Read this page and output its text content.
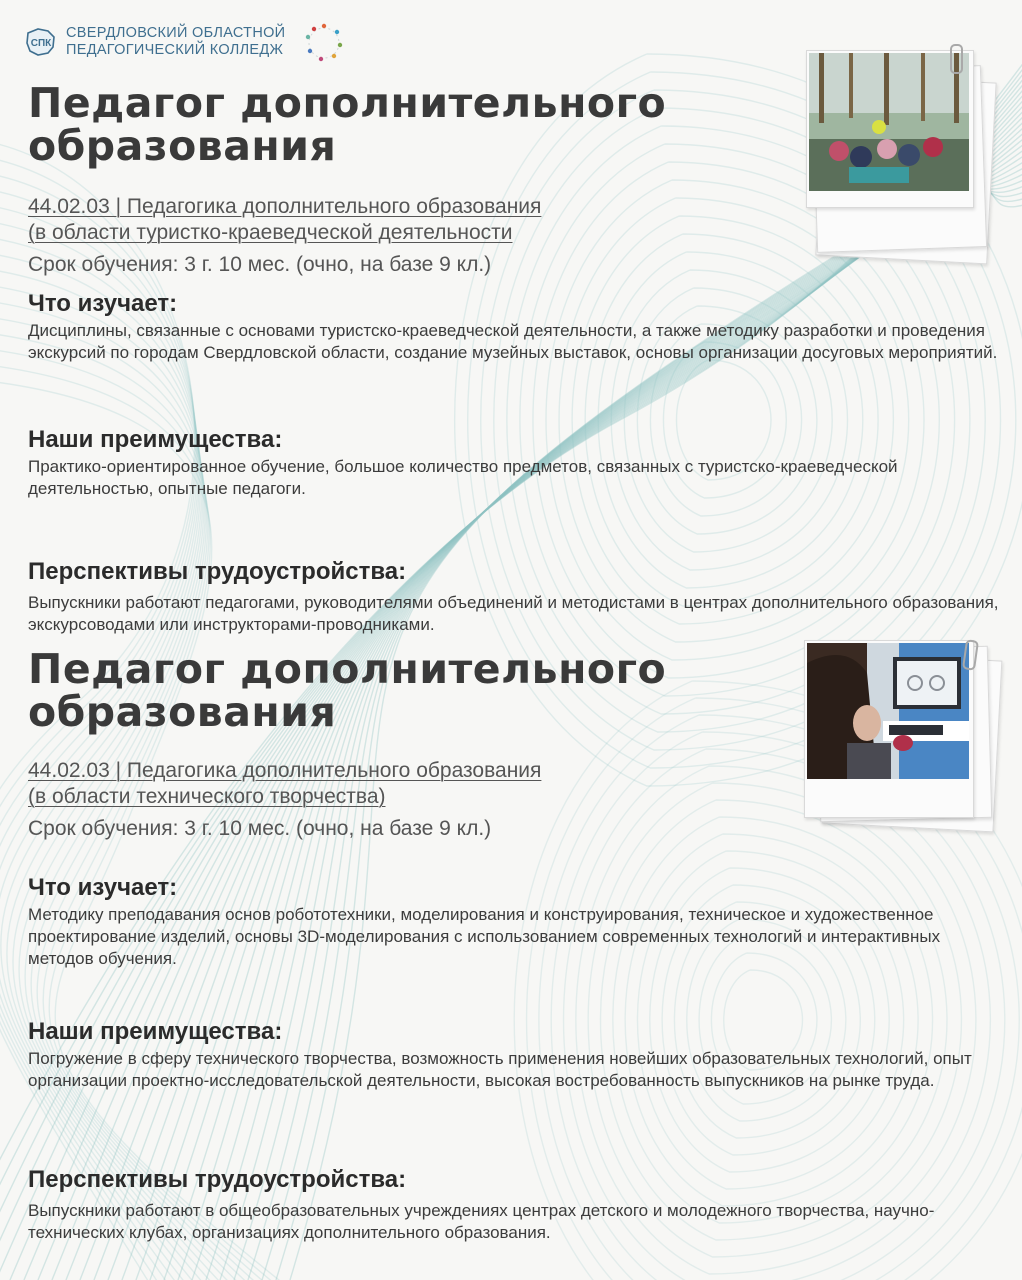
СПК
СВЕРДЛОВСКИЙ ОБЛАСТНОЙ
ПЕДАГОГИЧЕСКИЙ КОЛЛЕДЖ
Педагог дополнительного образования

44.02.03 | Педагогика дополнительного образования

(в области туристко-краеведческой деятельности

Срок обучения: 3 г. 10 мес. (очно, на базе 9 кл.)
Что изучает:

Дисциплины, связанные с основами туристско-краеведческой деятельности, а также методику разработки и проведения экскурсий по городам Свердловской области, создание музейных выставок, основы организации досуговых мероприятий.

Наши преимущества:

Практико-ориентированное обучение, большое количество предметов, связанных с туристско-краеведческой деятельностью, опытные педагоги.

Перспективы трудоустройства:

Выпускники работают педагогами, руководителями объединений и методистами в центрах дополнительного образования, экскурсоводами или инструкторами-проводниками.

Педагог дополнительного образования

44.02.03 | Педагогика дополнительного образования

(в области технического творчества)

Срок обучения: 3 г. 10 мес. (очно, на базе 9 кл.)
Что изучает:

Методику преподавания основ робототехники, моделирования и конструирования, техническое и художественное проектирование изделий, основы 3D-моделирования с использованием современных технологий и интерактивных методов обучения.

Наши преимущества:

Погружение в сферу технического творчества, возможность применения новейших образовательных технологий, опыт организации проектно-исследовательской деятельности, высокая востребованность выпускников на рынке труда.

Перспективы трудоустройства:

Выпускники работают в общеобразовательных учреждениях центрах детского и молодежного творчества, научно-технических клубах, организациях дополнительного образования.
